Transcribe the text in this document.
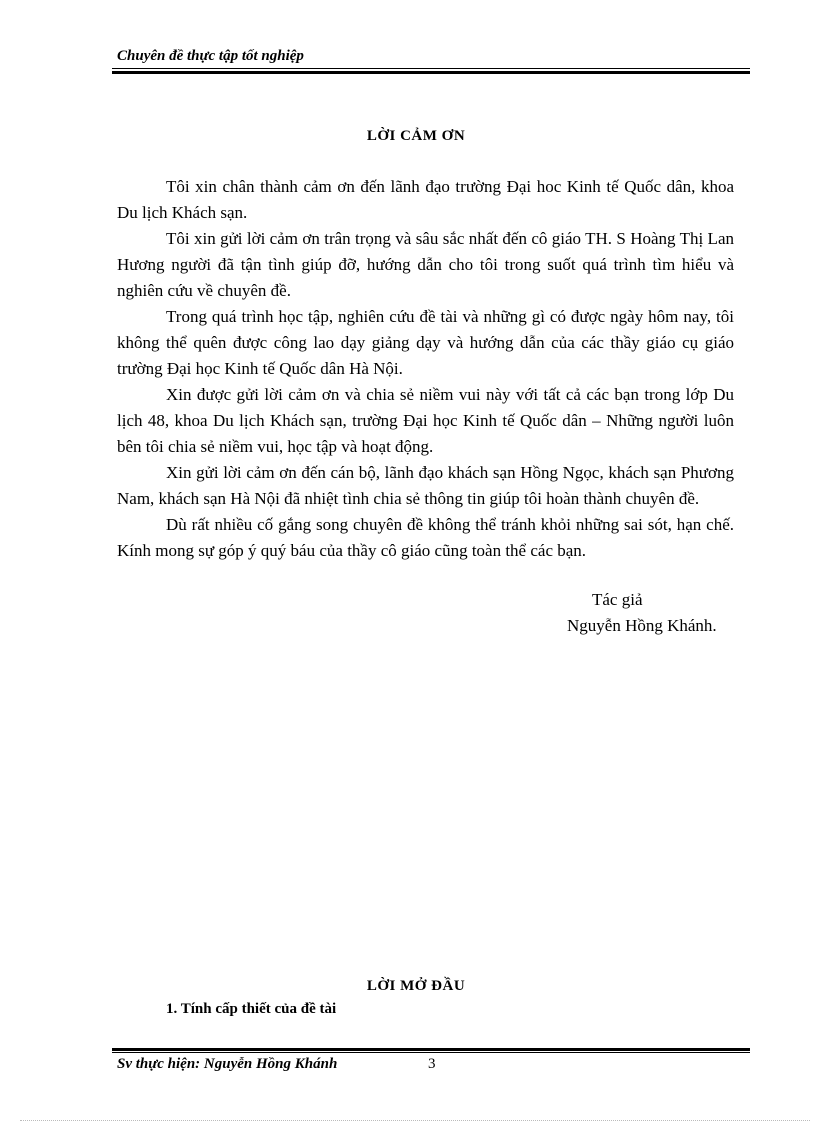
Chuyên đề thực tập tốt nghiệp
LỜI CẢM ƠN

Tôi xin chân thành cảm ơn đến lãnh đạo trường Đại hoc Kinh tế Quốc dân, khoa Du lịch Khách sạn.

Tôi xin gửi lời cảm ơn trân trọng và sâu sắc nhất đến cô giáo TH. S Hoàng Thị Lan Hương người đã tận tình giúp đỡ, hướng dẫn cho tôi trong suốt quá trình tìm hiểu và nghiên cứu về chuyên đề.

Trong quá trình học tập, nghiên cứu đề tài và những gì có được ngày hôm nay, tôi không thể quên được công lao dạy giảng dạy và hướng dẫn của các thầy giáo cụ giáo trường Đại học Kinh tế Quốc dân Hà Nội.

Xin được gửi lời cảm ơn và chia sẻ niềm vui này với tất cả các bạn trong lớp Du lịch 48, khoa Du lịch Khách sạn, trường Đại học Kinh tế Quốc dân – Những người luôn bên tôi chia sẻ niềm vui, học tập và hoạt động.

Xin gửi lời cảm ơn đến cán bộ, lãnh đạo khách sạn Hồng Ngọc, khách sạn Phương Nam, khách sạn Hà Nội đã nhiệt tình chia sẻ thông tin giúp tôi hoàn thành chuyên đề.

Dù rất nhiều cố gắng song chuyên đề không thể tránh khỏi những sai sót, hạn chế. Kính mong sự góp ý quý báu của thầy cô giáo cũng toàn thể các bạn.

Tác giả
Nguyễn Hồng Khánh.
LỜI MỞ ĐẦU
1. Tính cấp thiết của đề tài
Sv thực hiện: Nguyễn Hồng Khánh	3
